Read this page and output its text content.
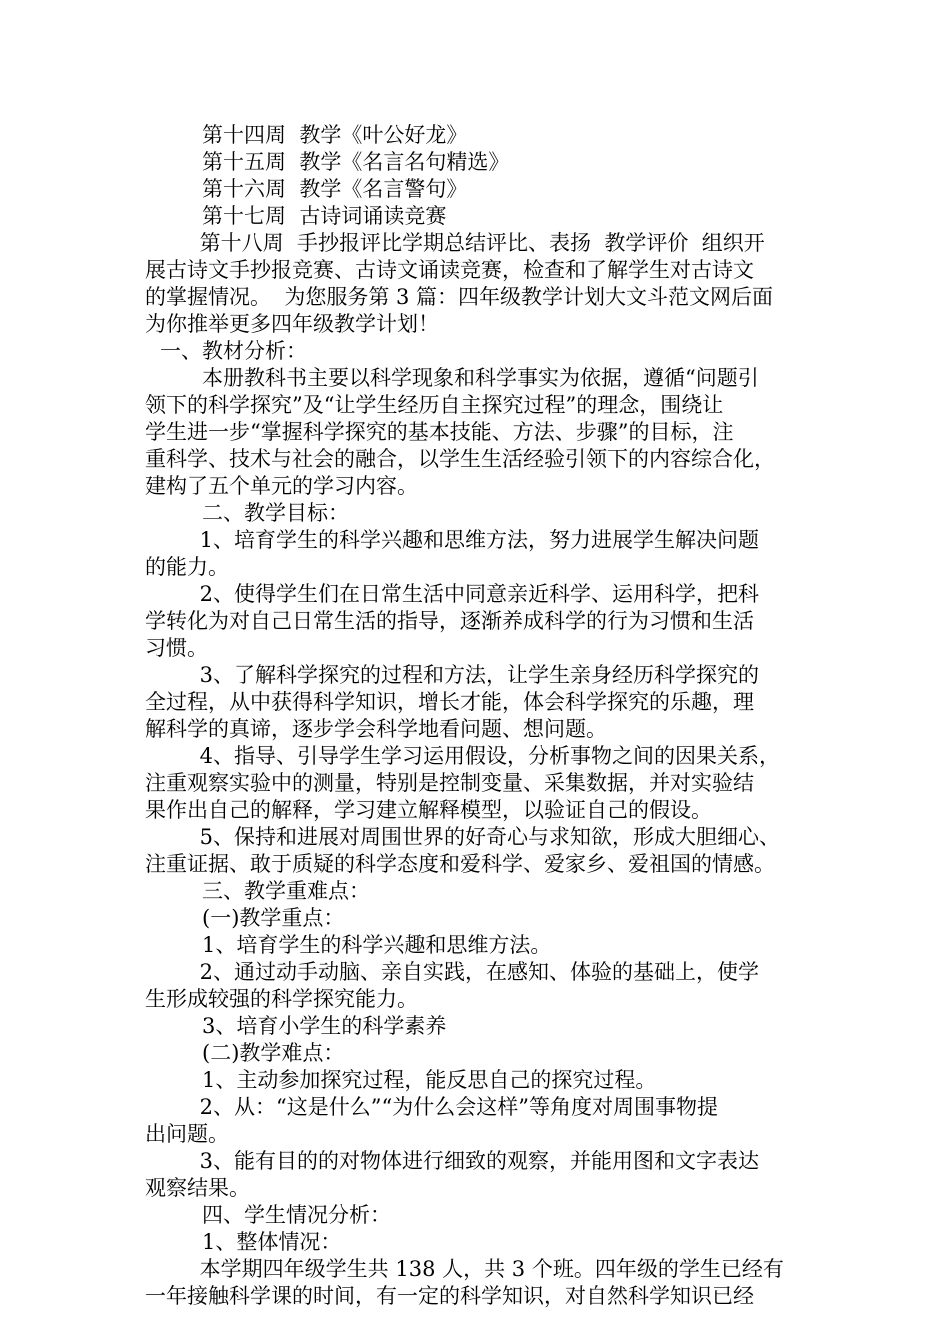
第十四周  教学《叶公好龙》
第十五周  教学《名言名句精选》
第十六周  教学《名言警句》
第十七周  古诗词诵读竞赛
第十八周  手抄报评比学期总结评比、表扬  教学评价  组织开
展古诗文手抄报竞赛、古诗文诵读竞赛，检查和了解学生对古诗文
的掌握情况。  为您服务第 3 篇：四年级教学计划大文斗范文网后面
为你推举更多四年级教学计划！
一、教材分析：
本册教科书主要以科学现象和科学事实为依据，遵循“问题引
领下的科学探究”及“让学生经历自主探究过程”的理念，围绕让
学生进一步“掌握科学探究的基本技能、方法、步骤”的目标，注
重科学、技术与社会的融合，以学生生活经验引领下的内容综合化，
建构了五个单元的学习内容。
二、教学目标：
1、培育学生的科学兴趣和思维方法，努力进展学生解决问题
的能力。
2、使得学生们在日常生活中同意亲近科学、运用科学，把科
学转化为对自己日常生活的指导，逐渐养成科学的行为习惯和生活
习惯。
3、了解科学探究的过程和方法，让学生亲身经历科学探究的
全过程，从中获得科学知识，增长才能，体会科学探究的乐趣，理
解科学的真谛，逐步学会科学地看问题、想问题。
4、指导、引导学生学习运用假设，分析事物之间的因果关系，
注重观察实验中的测量，特别是控制变量、采集数据，并对实验结
果作出自己的解释，学习建立解释模型，以验证自己的假设。
5、保持和进展对周围世界的好奇心与求知欲，形成大胆细心、
注重证据、敢于质疑的科学态度和爱科学、爱家乡、爱祖国的情感。
三、教学重难点：
(一)教学重点：
1、培育学生的科学兴趣和思维方法。
2、通过动手动脑、亲自实践，在感知、体验的基础上，使学
生形成较强的科学探究能力。
3、培育小学生的科学素养
(二)教学难点：
1、主动参加探究过程，能反思自己的探究过程。
2、从：“这是什么”“为什么会这样”等角度对周围事物提
出问题。
3、能有目的的对物体进行细致的观察，并能用图和文字表达
观察结果。
四、学生情况分析：
1、整体情况：
本学期四年级学生共 138 人，共 3 个班。四年级的学生已经有
一年接触科学课的时间，有一定的科学知识，对自然科学知识已经
